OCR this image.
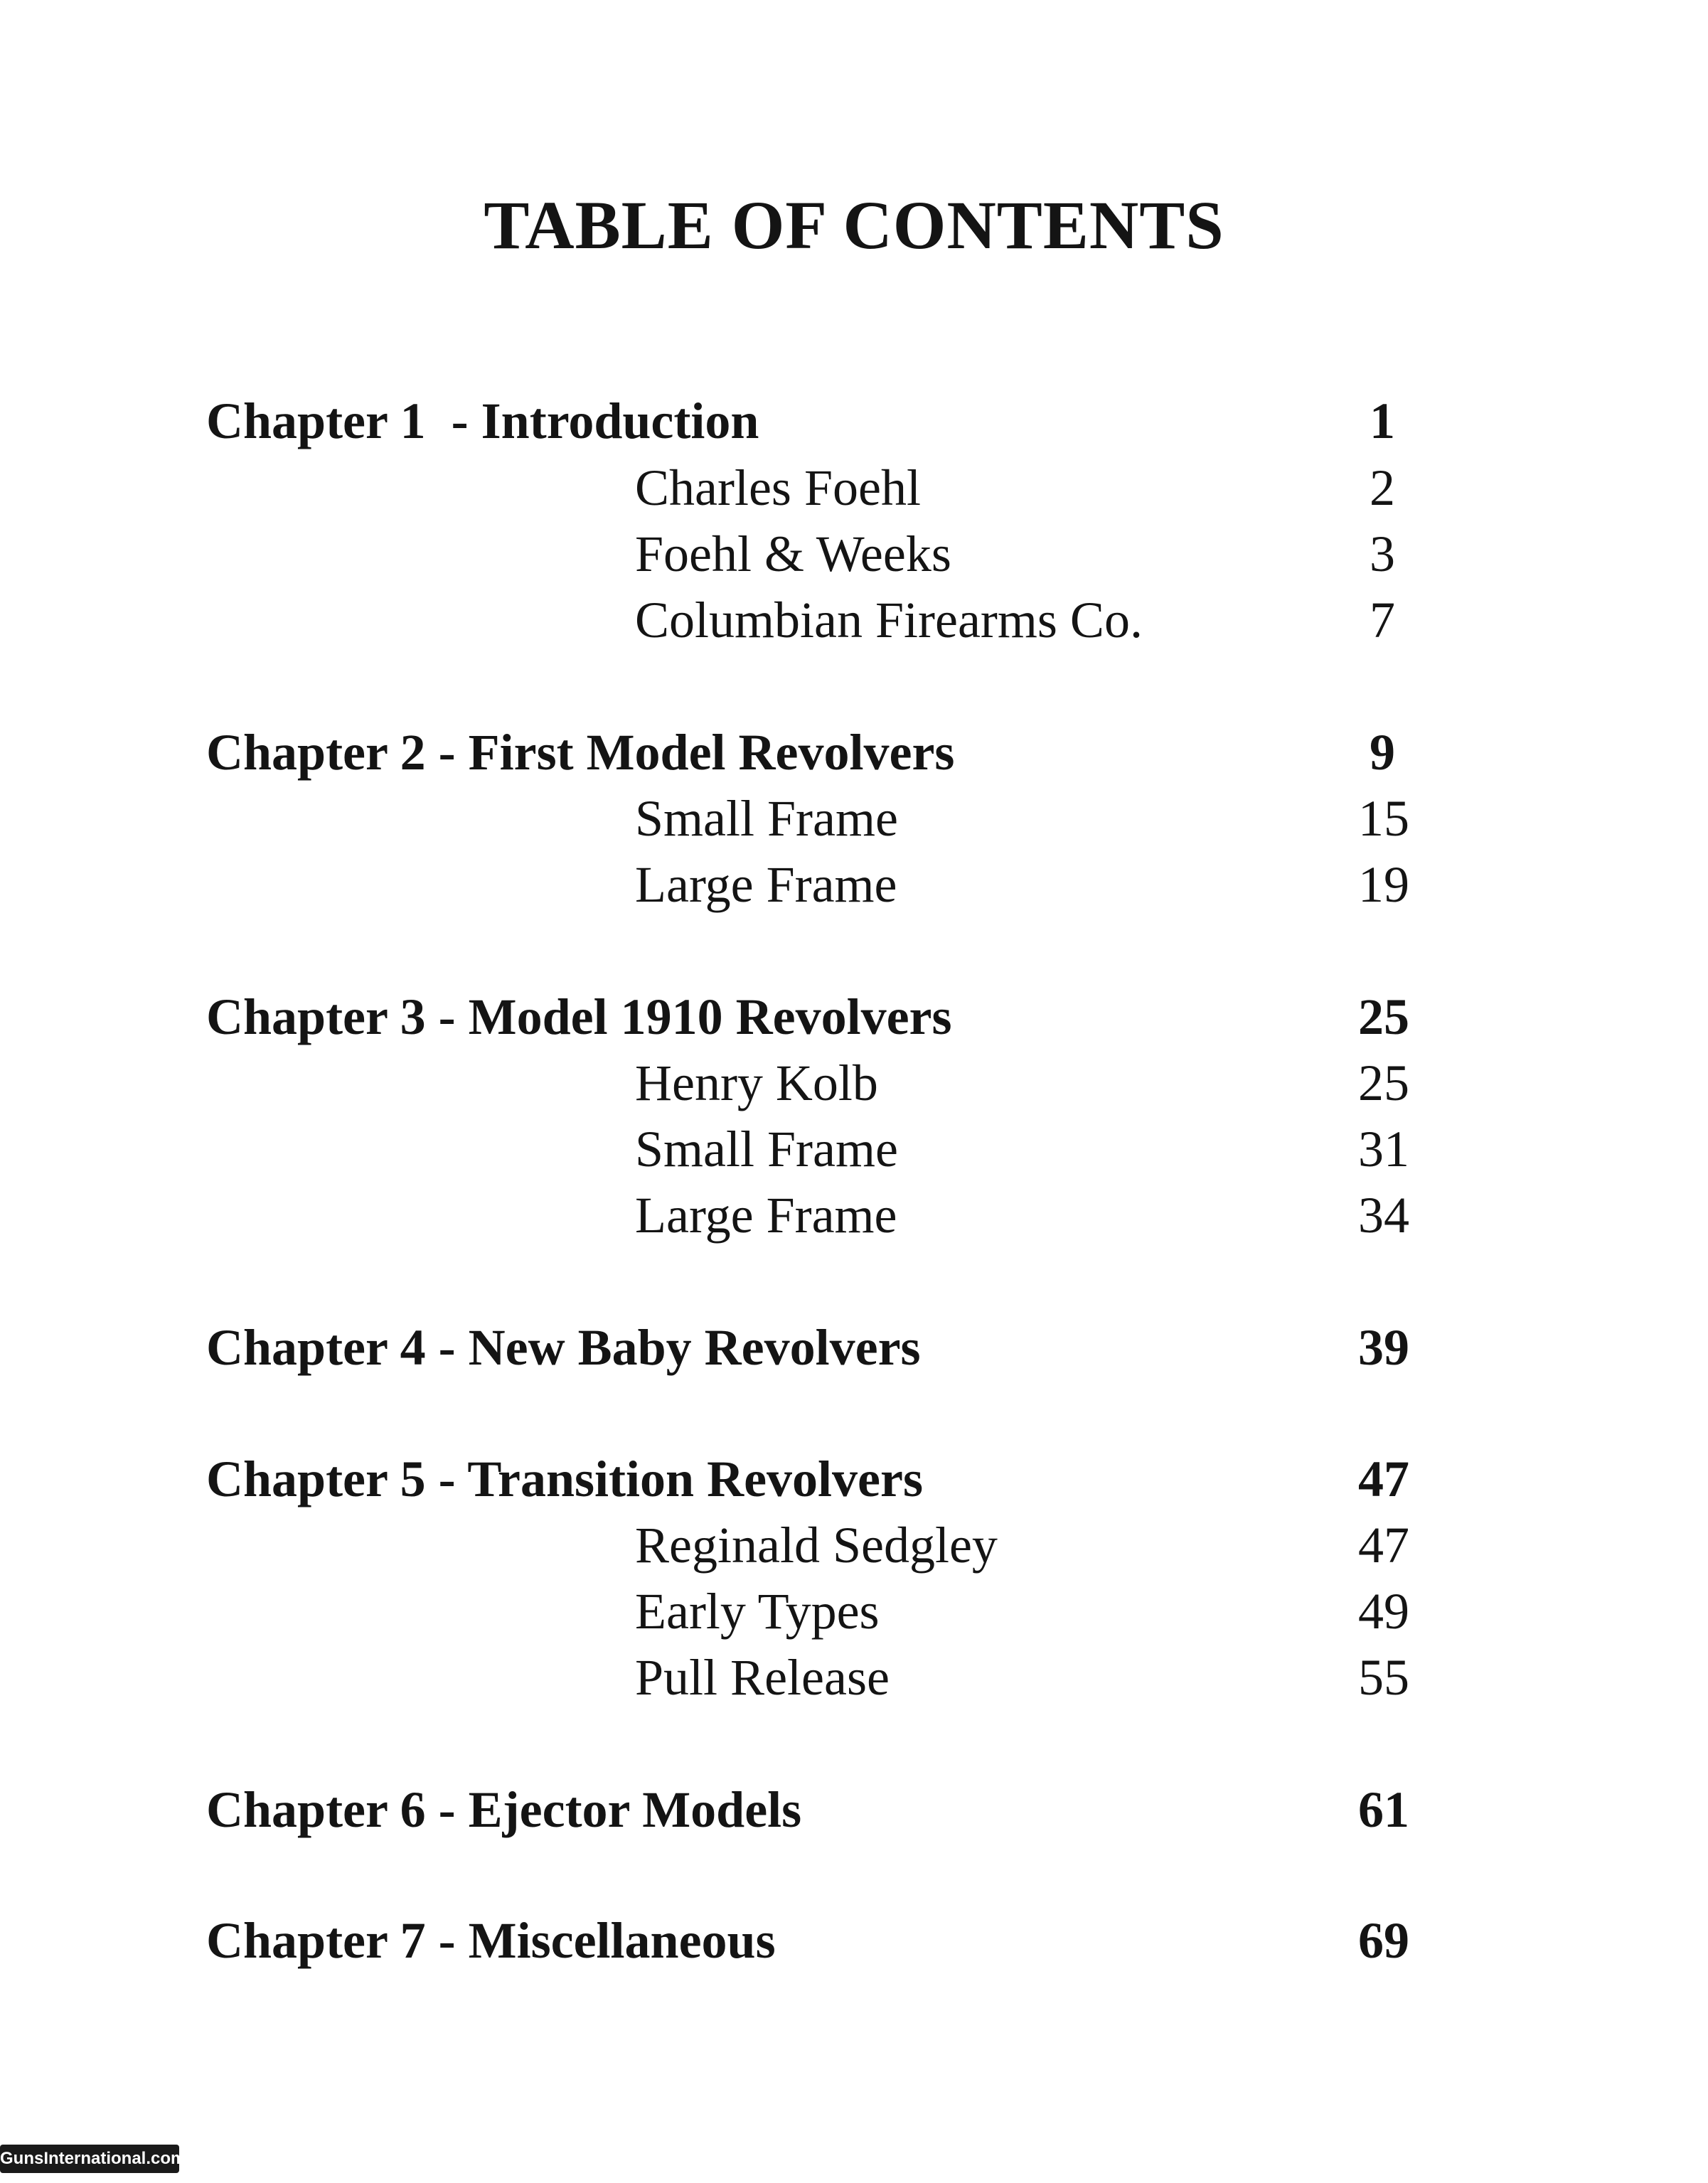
TABLE OF CONTENTS
Chapter 1  - Introduction	1
Charles Foehl	2
Foehl & Weeks	3
Columbian Firearms Co.	7
Chapter 2 - First Model Revolvers	9
Small Frame	15
Large Frame	19
Chapter 3 - Model 1910 Revolvers	25
Henry Kolb	25
Small Frame	31
Large Frame	34
Chapter 4 - New Baby Revolvers	39
Chapter 5 - Transition Revolvers	47
Reginald Sedgley	47
Early Types	49
Pull Release	55
Chapter 6 - Ejector Models	61
Chapter 7 - Miscellaneous	69
GunsInternational.com
